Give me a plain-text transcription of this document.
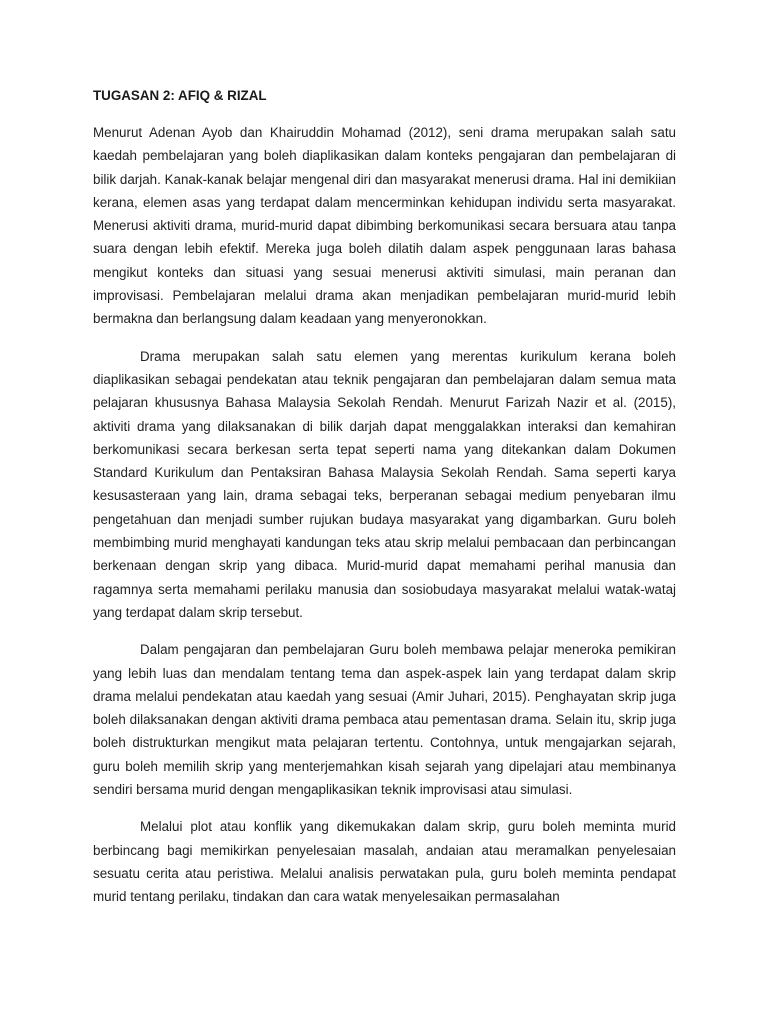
TUGASAN 2: AFIQ & RIZAL

Menurut Adenan Ayob dan Khairuddin Mohamad (2012), seni drama merupakan salah satu kaedah pembelajaran yang boleh diaplikasikan dalam konteks pengajaran dan pembelajaran di bilik darjah. Kanak-kanak belajar mengenal diri dan masyarakat menerusi drama. Hal ini demikiian kerana, elemen asas yang terdapat dalam mencerminkan kehidupan individu serta masyarakat. Menerusi aktiviti drama, murid-murid dapat dibimbing berkomunikasi secara bersuara atau tanpa suara dengan lebih efektif. Mereka juga boleh dilatih dalam aspek penggunaan laras bahasa mengikut konteks dan situasi yang sesuai menerusi aktiviti simulasi, main peranan dan improvisasi. Pembelajaran melalui drama akan menjadikan pembelajaran murid-murid lebih bermakna dan berlangsung dalam keadaan yang menyeronokkan.

Drama merupakan salah satu elemen yang merentas kurikulum kerana boleh diaplikasikan sebagai pendekatan atau teknik pengajaran dan pembelajaran dalam semua mata pelajaran khususnya Bahasa Malaysia Sekolah Rendah. Menurut Farizah Nazir et al. (2015), aktiviti drama yang dilaksanakan di bilik darjah dapat menggalakkan interaksi dan kemahiran berkomunikasi secara berkesan serta tepat seperti nama yang ditekankan dalam Dokumen Standard Kurikulum dan Pentaksiran Bahasa Malaysia Sekolah Rendah. Sama seperti karya kesusasteraan yang lain, drama sebagai teks, berperanan sebagai medium penyebaran ilmu pengetahuan dan menjadi sumber rujukan budaya masyarakat yang digambarkan. Guru boleh membimbing murid menghayati kandungan teks atau skrip melalui pembacaan dan perbincangan berkenaan dengan skrip yang dibaca. Murid-murid dapat memahami perihal manusia dan ragamnya serta memahami perilaku manusia dan sosiobudaya masyarakat melalui watak-wataj yang terdapat dalam skrip tersebut.

Dalam pengajaran dan pembelajaran Guru boleh membawa pelajar meneroka pemikiran yang lebih luas dan mendalam tentang tema dan aspek-aspek lain yang terdapat dalam skrip drama melalui pendekatan atau kaedah yang sesuai (Amir Juhari, 2015). Penghayatan skrip juga boleh dilaksanakan dengan aktiviti drama pembaca atau pementasan drama. Selain itu, skrip juga boleh distrukturkan mengikut mata pelajaran tertentu. Contohnya, untuk mengajarkan sejarah, guru boleh memilih skrip yang menterjemahkan kisah sejarah yang dipelajari atau membinanya sendiri bersama murid dengan mengaplikasikan teknik improvisasi atau simulasi.

Melalui plot atau konflik yang dikemukakan dalam skrip, guru boleh meminta murid berbincang bagi memikirkan penyelesaian masalah, andaian atau meramalkan penyelesaian sesuatu cerita atau peristiwa. Melalui analisis perwatakan pula, guru boleh meminta pendapat murid tentang perilaku, tindakan dan cara watak menyelesaikan permasalahan
